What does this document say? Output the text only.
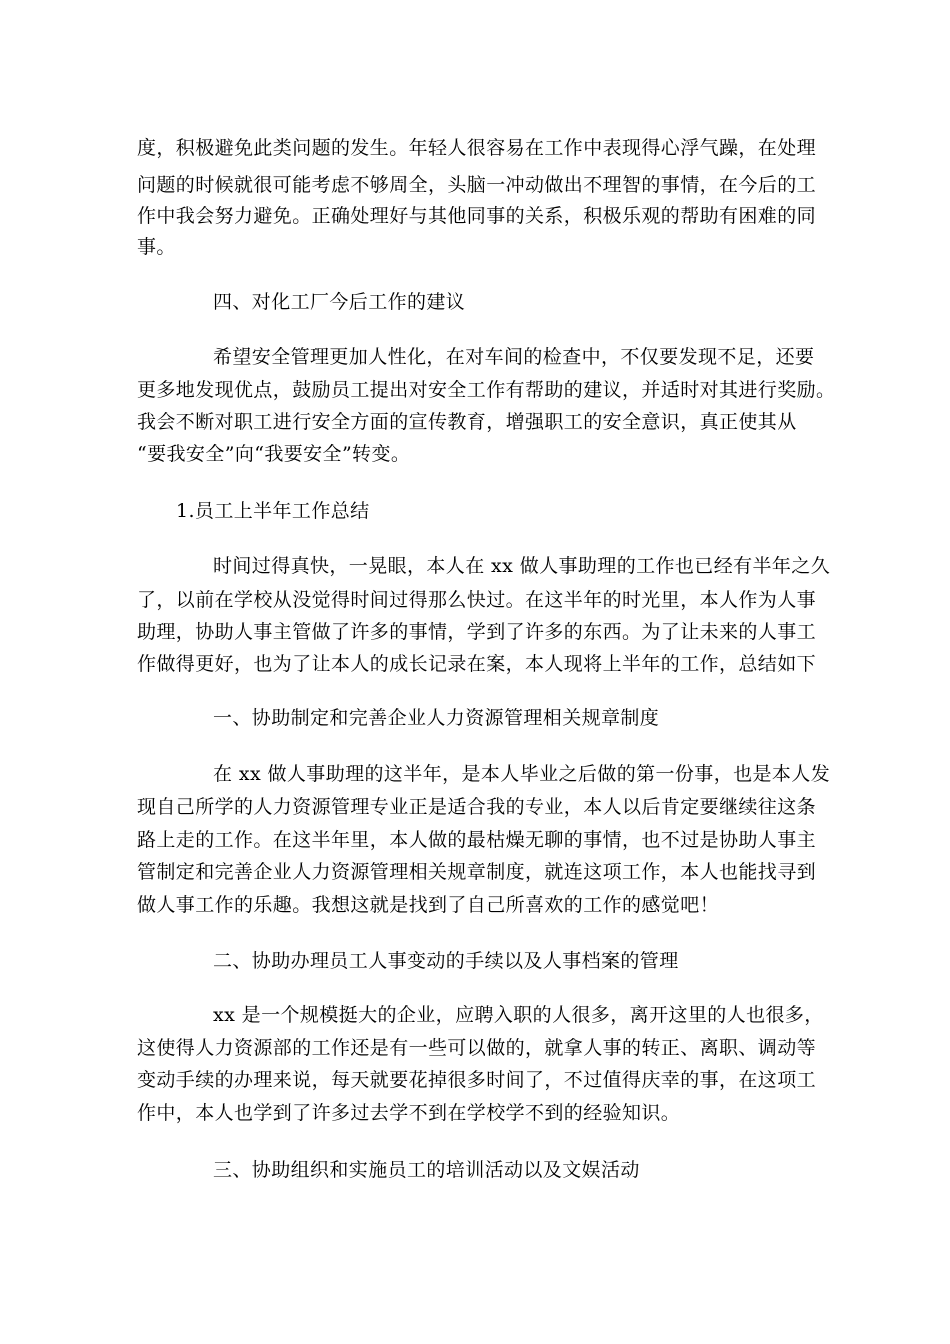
度，积极避免此类问题的发生。年轻人很容易在工作中表现得心浮气躁，在处理
问题的时候就很可能考虑不够周全，头脑一冲动做出不理智的事情，在今后的工
作中我会努力避免。正确处理好与其他同事的关系，积极乐观的帮助有困难的同
事。
四、对化工厂今后工作的建议
希望安全管理更加人性化，在对车间的检查中，不仅要发现不足，还要
更多地发现优点，鼓励员工提出对安全工作有帮助的建议，并适时对其进行奖励。
我会不断对职工进行安全方面的宣传教育，增强职工的安全意识，真正使其从
“要我安全”向“我要安全”转变。
1.员工上半年工作总结
时间过得真快，一晃眼，本人在 xx 做人事助理的工作也已经有半年之久
了，以前在学校从没觉得时间过得那么快过。在这半年的时光里，本人作为人事
助理，协助人事主管做了许多的事情，学到了许多的东西。为了让未来的人事工
作做得更好，也为了让本人的成长记录在案，本人现将上半年的工作，总结如下
一、协助制定和完善企业人力资源管理相关规章制度
在 xx 做人事助理的这半年，是本人毕业之后做的第一份事，也是本人发
现自己所学的人力资源管理专业正是适合我的专业，本人以后肯定要继续往这条
路上走的工作。在这半年里，本人做的最枯燥无聊的事情，也不过是协助人事主
管制定和完善企业人力资源管理相关规章制度，就连这项工作，本人也能找寻到
做人事工作的乐趣。我想这就是找到了自己所喜欢的工作的感觉吧！
二、协助办理员工人事变动的手续以及人事档案的管理
xx 是一个规模挺大的企业，应聘入职的人很多，离开这里的人也很多，
这使得人力资源部的工作还是有一些可以做的，就拿人事的转正、离职、调动等
变动手续的办理来说，每天就要花掉很多时间了，不过值得庆幸的事，在这项工
作中，本人也学到了许多过去学不到在学校学不到的经验知识。
三、协助组织和实施员工的培训活动以及文娱活动
